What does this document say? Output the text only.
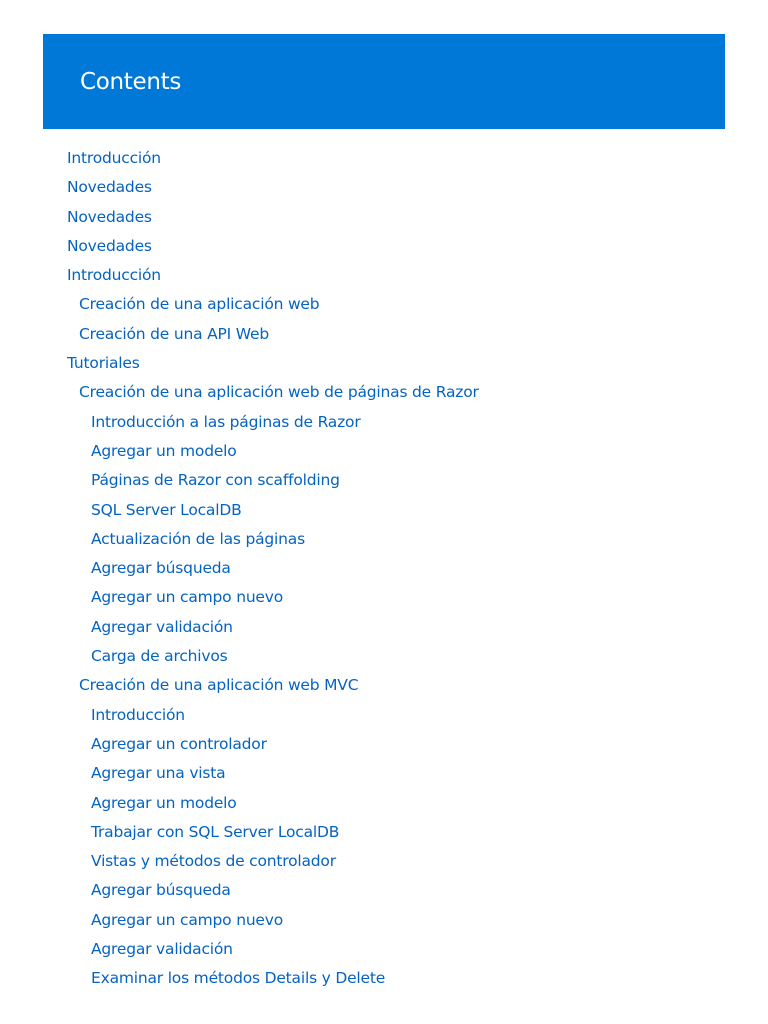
Contents
Introducción
Novedades
Novedades
Novedades
Introducción
Creación de una aplicación web
Creación de una API Web
Tutoriales
Creación de una aplicación web de páginas de Razor
Introducción a las páginas de Razor
Agregar un modelo
Páginas de Razor con scaffolding
SQL Server LocalDB
Actualización de las páginas
Agregar búsqueda
Agregar un campo nuevo
Agregar validación
Carga de archivos
Creación de una aplicación web MVC
Introducción
Agregar un controlador
Agregar una vista
Agregar un modelo
Trabajar con SQL Server LocalDB
Vistas y métodos de controlador
Agregar búsqueda
Agregar un campo nuevo
Agregar validación
Examinar los métodos Details y Delete
